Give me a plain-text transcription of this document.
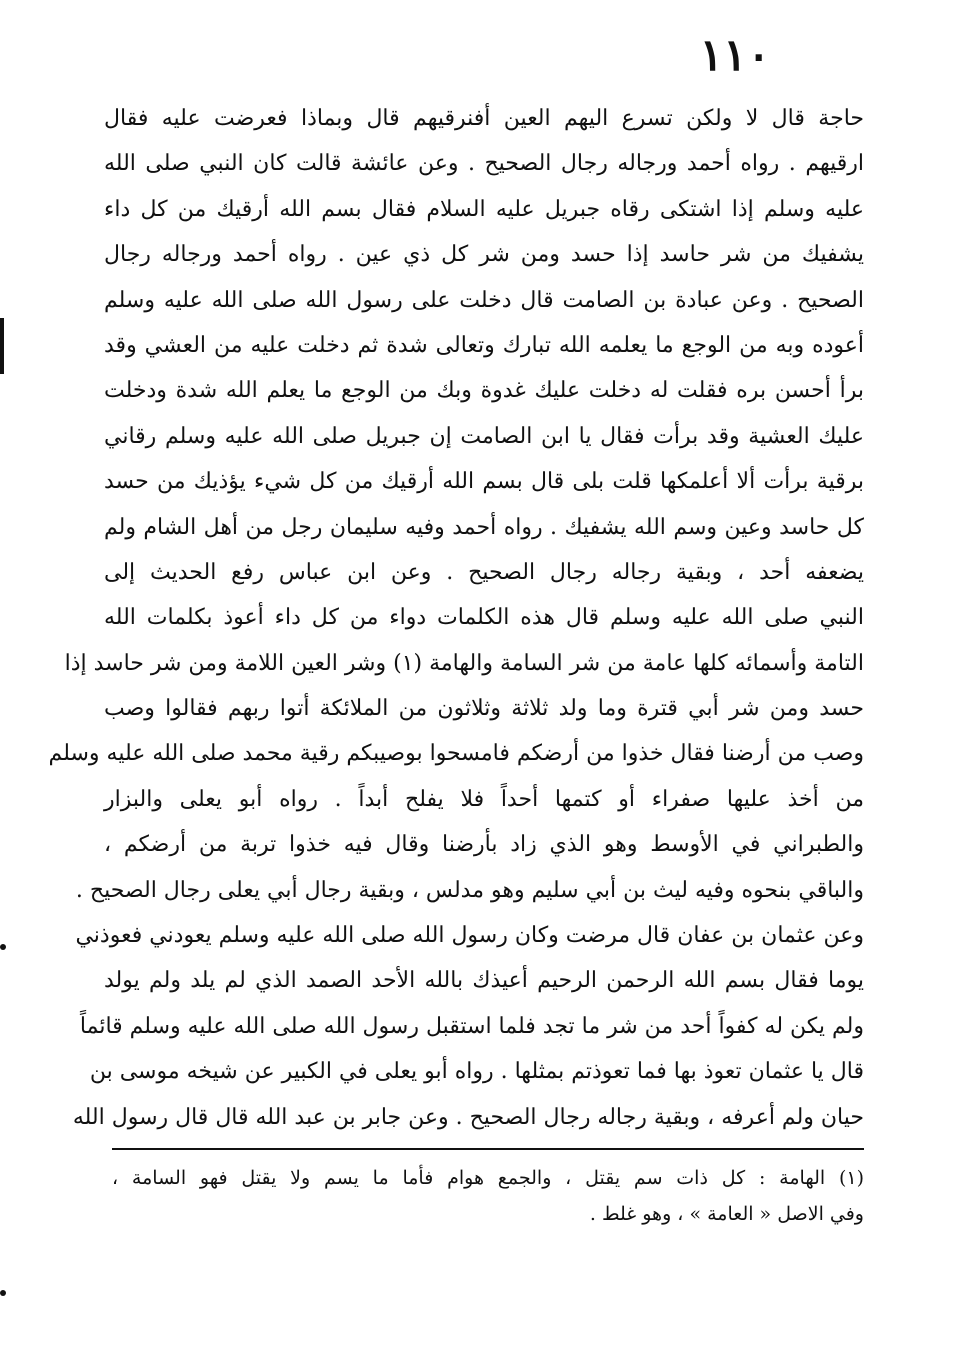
١١٠
حاجة قال لا ولكن تسرع اليهم العين أفنرقيهم قال وبماذا فعرضت عليه فقال
ارقيهم . رواه أحمد ورجاله رجال الصحيح . وعن عائشة قالت كان النبي صلى الله
عليه وسلم إذا اشتكى رقاه جبريل عليه السلام فقال بسم الله أرقيك من كل داء
يشفيك من شر حاسد إذا حسد ومن شر كل ذي عين . رواه أحمد ورجاله رجال
الصحيح . وعن عبادة بن الصامت قال دخلت على رسول الله صلى الله عليه وسلم
أعوده وبه من الوجع ما يعلمه الله تبارك وتعالى شدة ثم دخلت عليه من العشي وقد
برأ أحسن بره فقلت له دخلت عليك غدوة وبك من الوجع ما يعلم الله شدة ودخلت
عليك العشية وقد برأت فقال يا ابن الصامت إن جبريل صلى الله عليه وسلم رقاني
برقية برأت ألا أعلمكها قلت بلى قال بسم الله أرقيك من كل شيء يؤذيك من حسد
كل حاسد وعين وسم الله يشفيك . رواه أحمد وفيه سليمان رجل من أهل الشام ولم
يضعفه أحد ، وبقية رجاله رجال الصحيح . وعن ابن عباس رفع الحديث إلى
النبي صلى الله عليه وسلم قال هذه الكلمات دواء من كل داء أعوذ بكلمات الله
التامة وأسمائه كلها عامة من شر السامة والهامة (١) وشر العين اللامة ومن شر حاسد إذا
حسد ومن شر أبي قترة وما ولد ثلاثة وثلاثون من الملائكة أتوا ربهم فقالوا وصب
وصب من أرضنا فقال خذوا من أرضكم فامسحوا بوصيبكم رقية محمد صلى الله عليه وسلم
من أخذ عليها صفراء أو كتمها أحداً فلا يفلح أبداً . رواه أبو يعلى والبزار
والطبراني في الأوسط وهو الذي زاد بأرضنا وقال فيه خذوا تربة من أرضكم ،
والباقي بنحوه وفيه ليث بن أبي سليم وهو مدلس ، وبقية رجال أبي يعلى رجال الصحيح .
وعن عثمان بن عفان قال مرضت وكان رسول الله صلى الله عليه وسلم يعودني فعوذني
يوما فقال بسم الله الرحمن الرحيم أعيذك بالله الأحد الصمد الذي لم يلد ولم يولد
ولم يكن له كفواً أحد من شر ما تجد فلما استقبل رسول الله صلى الله عليه وسلم قائماً
قال يا عثمان تعوذ بها فما تعوذتم بمثلها . رواه أبو يعلى في الكبير عن شيخه موسى بن
حيان ولم أعرفه ، وبقية رجاله رجال الصحيح . وعن جابر بن عبد الله قال قال رسول الله
(١) الهامة : كل ذات سم يقتل ، والجمع هوام فأما ما يسم ولا يقتل فهو السامة ،
وفي الاصل « العامة » ، وهو غلط .
